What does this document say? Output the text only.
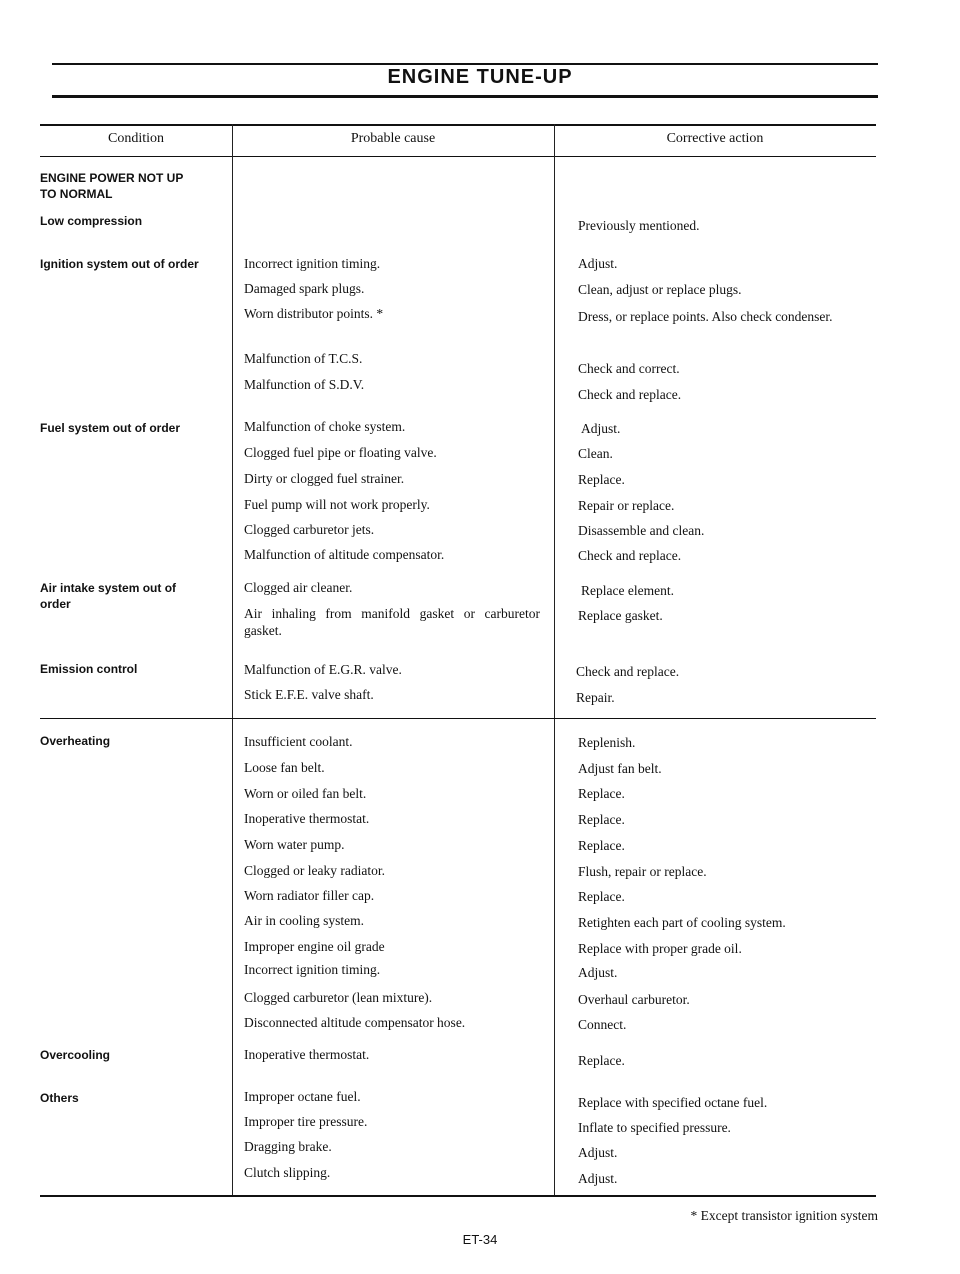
ENGINE TUNE-UP
Condition	Probable cause	Corrective action
ENGINE POWER NOT UP TO NORMAL
Low compression
Ignition system out of order
Fuel system out of order
Air intake system out of order
Emission control
Overheating
Overcooling
Others
Incorrect ignition timing.
Damaged spark plugs.
Worn distributor points. *
Malfunction of T.C.S.
Malfunction of S.D.V.
Malfunction of choke system.
Clogged fuel pipe or floating valve.
Dirty or clogged fuel strainer.
Fuel pump will not work properly.
Clogged carburetor jets.
Malfunction of altitude compensator.
Clogged air cleaner.
Air inhaling from manifold gasket or carburetor gasket.
Malfunction of E.G.R. valve.
Stick E.F.E. valve shaft.
Insufficient coolant.
Loose fan belt.
Worn or oiled fan belt.
Inoperative thermostat.
Worn water pump.
Clogged or leaky radiator.
Worn radiator filler cap.
Air in cooling system.
Improper engine oil grade
Incorrect ignition timing.
Clogged carburetor (lean mixture).
Disconnected altitude compensator hose.
Inoperative thermostat.
Improper octane fuel.
Improper tire pressure.
Dragging brake.
Clutch slipping.
Previously mentioned.
Adjust.
Clean, adjust or replace plugs.
Dress, or replace points. Also check condenser.
Check and correct.
Check and replace.
Adjust.
Clean.
Replace.
Repair or replace.
Disassemble and clean.
Check and replace.
Replace element.
Replace gasket.
Check and replace.
Repair.
Replenish.
Adjust fan belt.
Replace.
Replace.
Replace.
Flush, repair or replace.
Replace.
Retighten each part of cooling system.
Replace with proper grade oil.
Adjust.
Overhaul carburetor.
Connect.
Replace.
Replace with specified octane fuel.
Inflate to specified pressure.
Adjust.
Adjust.
* Except transistor ignition system
ET-34
